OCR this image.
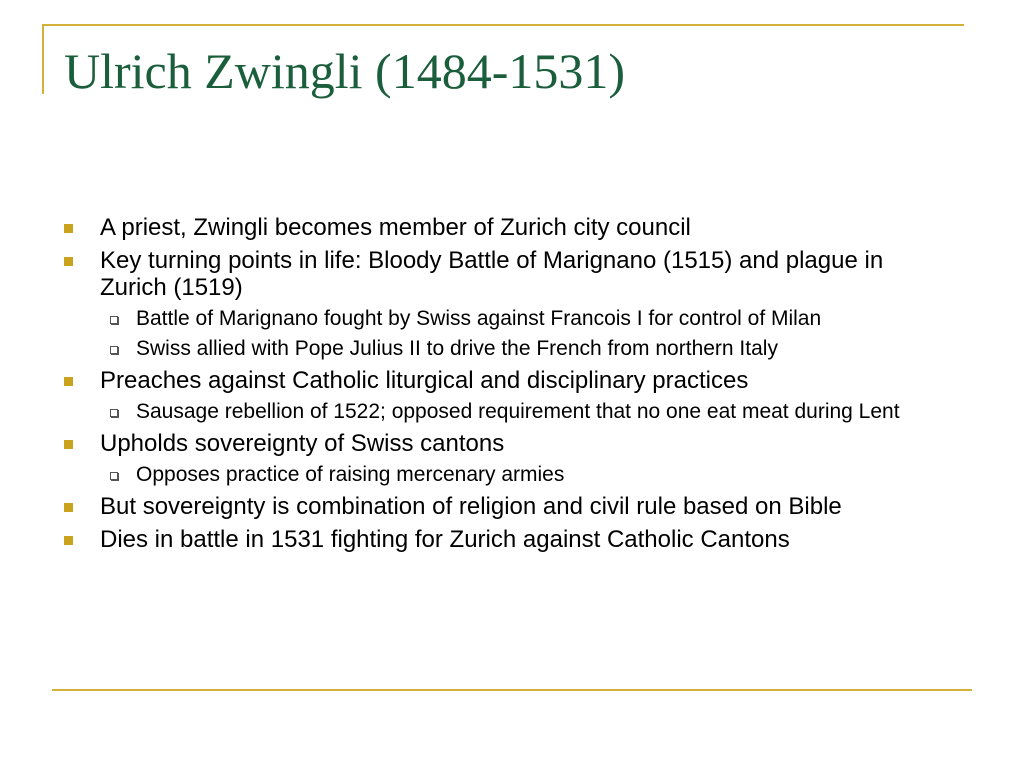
Ulrich Zwingli (1484-1531)
A priest, Zwingli becomes member of Zurich city council
Key turning points in life: Bloody Battle of Marignano (1515) and plague in Zurich (1519)
Battle of Marignano fought by Swiss against Francois I for control of Milan
Swiss allied with Pope Julius II to drive the French from northern Italy
Preaches against Catholic liturgical and disciplinary practices
Sausage rebellion of 1522; opposed requirement that no one eat meat during Lent
Upholds sovereignty of Swiss cantons
Opposes practice of raising mercenary armies
But sovereignty is combination of religion and civil rule based on Bible
Dies in battle in 1531 fighting for Zurich against Catholic Cantons
